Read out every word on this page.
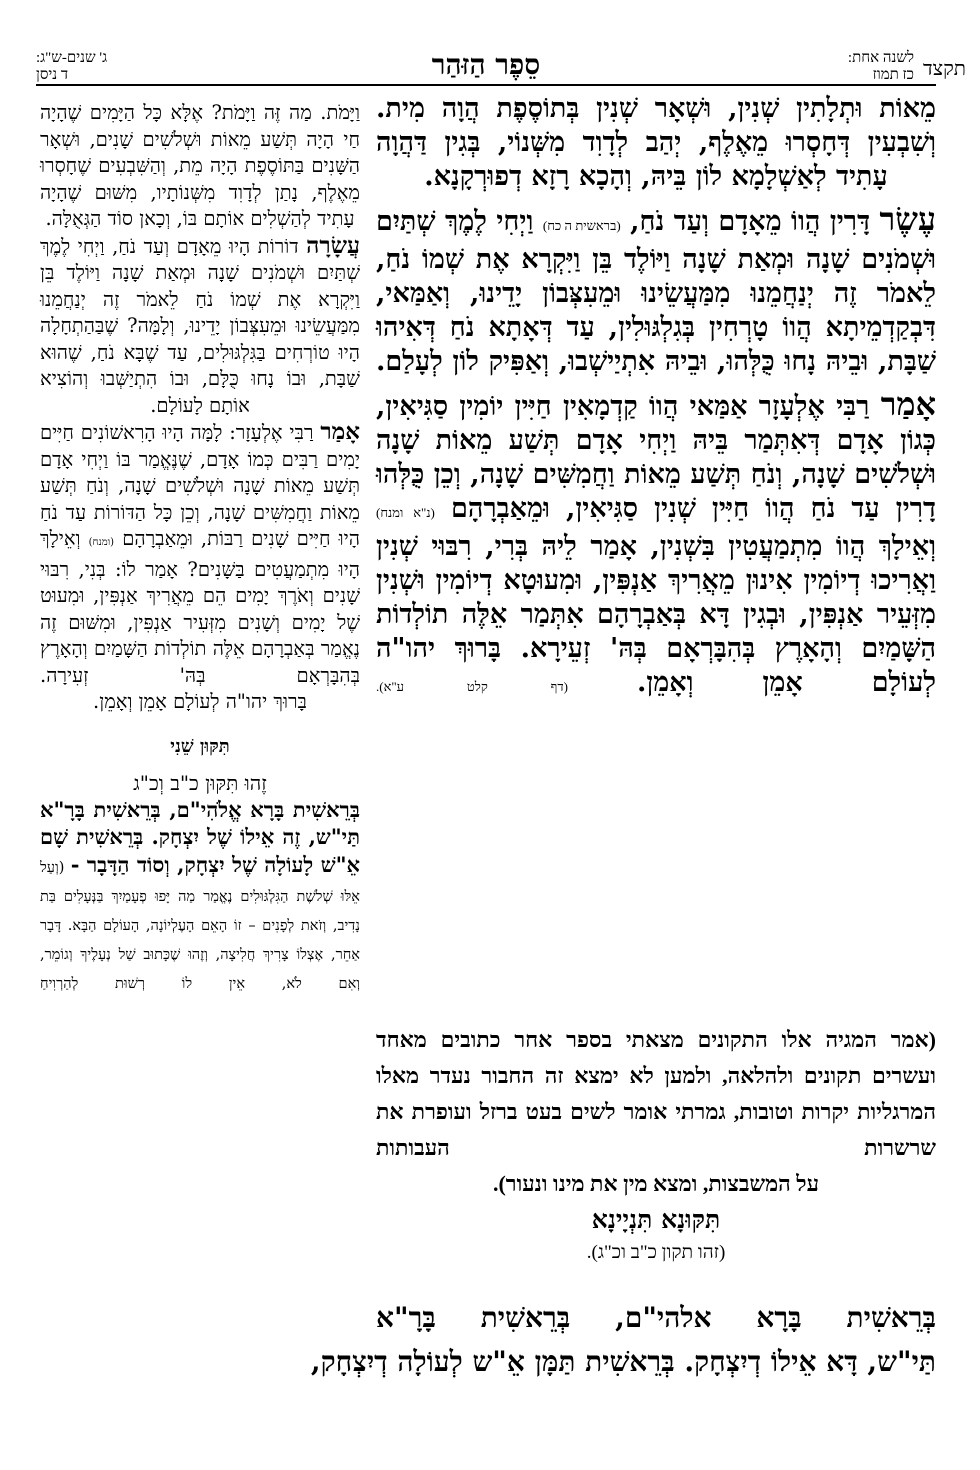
תקצד
לשנה אחת:
כז תמוז
סֵפֶר הַזּהַר
ג' שנים-ש"ג:
ד ניסן

מֵאוֹת וּתְלָתִין שְׁנִין, וּשְׁאָר שְׁנִין בְּתוֹסֶפֶת הֲוָה מִית. וְשִׁבְעִין דְּחָסְרוּ מֵאֶלֶף, יְהַב לְדָוִד מִשְּׁנוֹי, בְּגִין דַּהֲוָה עָתִיד לְאַשְׁלָמָא לוֹן בֵּיהּ, וְהָכָא רָזָא דְפוּרְקָנָא.

עֶשֶׂר דָּרִין הֲווֹ מֵאָדָם וְעַד נֹחַ, (בראשית ה כח) וַיְחִי לֶמֶךְ שְׁתַּיִם וּשְׁמֹנִים שָׁנָה וּמְאַת שָׁנָה וַיּוֹלֶד בֵּן וַיִּקְרָא אֶת שְׁמוֹ נֹחַ, לֵאמֹר זֶה יְנַחֲמֵנוּ מִמַּעֲשֵׂינוּ וּמֵעִצְּבוֹן יָדֵינוּ, וְאַמַּאי, דִּבְקַדְמֵיתָא הֲווֹ טָרְחִין בְּגִלְגּוּלִין, עַד דְּאָתָא נֹחַ דְּאִיהוּ שַׁבָּת, וּבֵיהּ נָחוּ כֻּלְּהוּ, וּבֵיהּ אִתְיַישְׁבוּ, וְאַפִּיק לוֹן לְעָלַם.

אָמַר רַבִּי אֶלְעָזָר אַמַּאי הֲווֹ קַדְמָאִין חַיִּין יוֹמִין סַגִּיאִין, כְּגוֹן אָדָם דְּאִתְּמַר בֵּיהּ וַיְחִי אָדָם תְּשַׁע מֵאוֹת שָׁנָה וּשְׁלֹשִׁים שָׁנָה, וְנֹחַ תְּשַׁע מֵאוֹת וַחֲמִשִּׁים שָׁנָה, וְכֵן כֻּלְּהוּ דָרִין עַד נֹחַ הֲווֹ חַיִּין שְׁנִין סַגִּיאִין, וּמֵאַבְרָהָם (נ"א ומנח) וְאֵילָךְ הֲווֹ מִתְמַעֲטִין בִּשְׁנִין, אָמַר לֵיהּ בְּרִי, רִבּוּי שְׁנִין וַאֲרִיכוּ דְיוֹמִין אִינוּן מֵאֲרִיךְ אַנְפִּין, וּמִעוּטָא דְיוֹמִין וּשְׁנִין מִזְּעֵיר אַנְפִּין, וּבְגִין דָּא בְּאַבְרָהָם אִתְּמַר אֵלֶּה תוֹלְדוֹת הַשָּׁמַיִם וְהָאָרֶץ בְּהִבָּרְאָם בְּהּ' זְעֵירָא. בָּרוּךְ יהו"ה לְעוֹלָם אָמֵן וְאָמֵן. (דף קלט ע"א).

(אמר המגיה אלו התקונים מצאתי בספר אחר כתובים מאחד ועשרים תקונים ולהלאה, ולמען לא ימצא זה החבור נעדר מאלו המרגליות יקרות וטובות, גמרתי אומר לשים בעט ברזל ועופרת את שרשרות העבותות

על המשבצות, ומצא מין את מינו ונעור).

תִּקּוּנָא תִּנְיָינָא

(זהו תקון כ"ב וכ"ג).

בְּרֵאשִׁית בָּרָא אלהי"ם, בְּרֵאשִׁית בָּרָ"א
תַּי"ש, דָּא אֵילוֹ דְיִצְחָק. בְּרֵאשִׁית תַּמָּן אֵ"ש לְעוֹלָה דְיִצְחָק,

וַיָּמֹת. מַה זֶּה וַיָּמֹת? אֶלָּא כָּל הַיָּמִים שֶׁהָיָה חַי הָיָה תְּשַׁע מֵאוֹת וּשְׁלֹשִׁים שָׁנִים, וּשְׁאָר הַשָּׁנִים בַּתּוֹסֶפֶת הָיָה מֵת, וְהַשִּׁבְעִים שֶׁחָסְרוּ מֵאֶלֶף, נָתַן לְדָוִד מִשְּׁנוֹתָיו, מִשּׁוּם שֶׁהָיָה עָתִיד לְהַשְׁלִים אוֹתָם בּוֹ, וְכָאן סוֹד הַגְּאֻלָּה.

עֲשָׂרָה דוֹרוֹת הָיוּ מֵאָדָם וְעַד נֹחַ, וַיְחִי לֶמֶךְ שְׁתַּיִם וּשְׁמֹנִים שָׁנָה וּמְאַת שָׁנָה וַיּוֹלֶד בֵּן וַיִּקְרָא אֶת שְׁמוֹ נֹחַ לֵאמֹר זֶה יְנַחֲמֵנוּ מִמַּעֲשֵׂינוּ וּמֵעִצְּבוֹן יָדֵינוּ, וְלָמָּה? שֶׁבַּהַתְחָלָה הָיוּ טוֹרְחִים בַּגִּלְגּוּלִים, עַד שֶׁבָּא נֹחַ, שֶׁהוּא שַׁבָּת, וּבוֹ נָחוּ כֻּלָּם, וּבוֹ הִתְיַשְּׁבוּ וְהוֹצִיא אוֹתָם לָעוֹלָם.

אָמַר רַבִּי אֶלְעָזָר: לָמָּה הָיוּ הָרִאשׁוֹנִים חַיִּים יָמִים רַבִּים כְּמוֹ אָדָם, שֶׁנֶּאֱמַר בּוֹ וַיְחִי אָדָם תְּשַׁע מֵאוֹת שָׁנָה וּשְׁלֹשִׁים שָׁנָה, וְנֹחַ תְּשַׁע מֵאוֹת וַחֲמִשִּׁים שָׁנָה, וְכֵן כָּל הַדּוֹרוֹת עַד נֹחַ הָיוּ חַיִּים שָׁנִים רַבּוֹת, וּמֵאַבְרָהָם (ומנח) וְאֵילָךְ הָיוּ מִתְמַעֲטִים בַּשָּׁנִים? אָמַר לוֹ: בְּנִי, רִבּוּי שָׁנִים וְאֹרֶךְ יָמִים הֵם מֵאֲרִיךְ אַנְפִּין, וּמִעוּט שֶׁל יָמִים וְשָׁנִים מִזְּעִיר אַנְפִּין, וּמִשּׁוּם זֶה נֶאֱמַר בְּאַבְרָהָם אֵלֶּה תוֹלְדוֹת הַשָּׁמַיִם וְהָאָרֶץ בְּהִבָּרְאָם בְּהּ' זְעִירָה.

בָּרוּךְ יהו"ה לְעוֹלָם אָמֵן וְאָמֵן.

תִּקּוּן שֵׁנִי

זֶהוּ תִּקּוּן כ"ב וְכ"ג

בְּרֵאשִׁית בָּרָא אֱלֹהִי"ם, בְּרֵאשִׁית בָּרָ"א תַּי"ש, זֶה אֵילוֹ שֶׁל יִצְחָק. בְּרֵאשִׁית שָׁם אֵ"שׁ לָעוֹלָה שֶׁל יִצְחָק, וְסוֹד הַדָּבָר - (וְעַל אֵלּוּ שְׁלֹשֶׁת הַגִּלְגּוּלִים נֶאֱמַר מַה יָּפוּ פְעָמַיִךְ בַּנְּעָלִים בַּת נָדִיב, וְזֹאת לְפָנִים – זוֹ הָאֵם הָעֶלְיוֹנָה, הָעוֹלָם הַבָּא. דָּבָר אַחֵר, אֶצְלוֹ צָרִיךְ חֲלִיצָה, וְזֶהוּ שֶׁכָּתוּב שַׁל נְעָלֶיךָ וְגוֹמֵר, וְאִם לֹא, אֵין לוֹ רְשׁוּת לְהַרְוִיחַ
